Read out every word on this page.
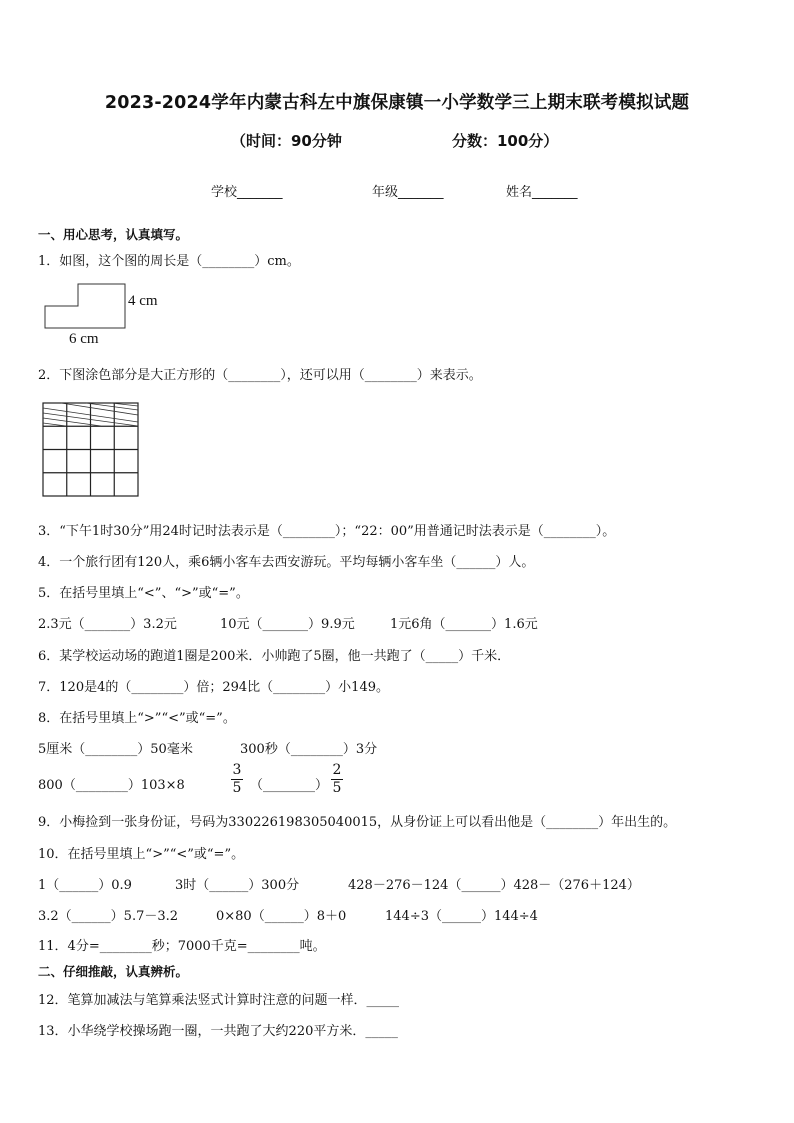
2023-2024学年内蒙古科左中旗保康镇一小学数学三上期末联考模拟试题
（时间：90分钟	分数：100分）
学校_______	年级_______	姓名_______
一、用心思考，认真填写。
1．如图，这个图的周长是（________）cm。
4 cm
6 cm
2．下图涂色部分是大正方形的（________），还可以用（________）来表示。
3．“下午1时30分”用24时记时法表示是（________）；“22：00”用普通记时法表示是（________）。
4．一个旅行团有120人，乘6辆小客车去西安游玩。平均每辆小客车坐（______）人。
5．在括号里填上“<”、“>”或“=”。
2.3元（_______）3.2元	10元（_______）9.9元	1元6角（_______）1.6元
6．某学校运动场的跑道1圈是200米．小帅跑了5圈，他一共跑了（_____）千米．
7．120是4的（________）倍；294比（________）小149。
8．在括号里填上“>”“<”或“=”。
5厘米（________）50毫米	300秒（________）3分
800（________）103×8	$\frac{3}{5}$ （________） $\frac{2}{5}$
9．小梅捡到一张身份证，号码为330226198305040015，从身份证上可以看出他是（________）年出生的。
10．在括号里填上“>”“<”或“=”。
1（______）0.9	3时（______）300分	428－276－124（______）428－（276＋124）
3.2（______）5.7－3.2	0×80（______）8＋0	144÷3（______）144÷4
11．4分=________秒；7000千克=________吨。
二、仔细推敲，认真辨析。
12．笔算加减法与笔算乘法竖式计算时注意的问题一样．_____
13．小华绕学校操场跑一圈，一共跑了大约220平方米．_____
